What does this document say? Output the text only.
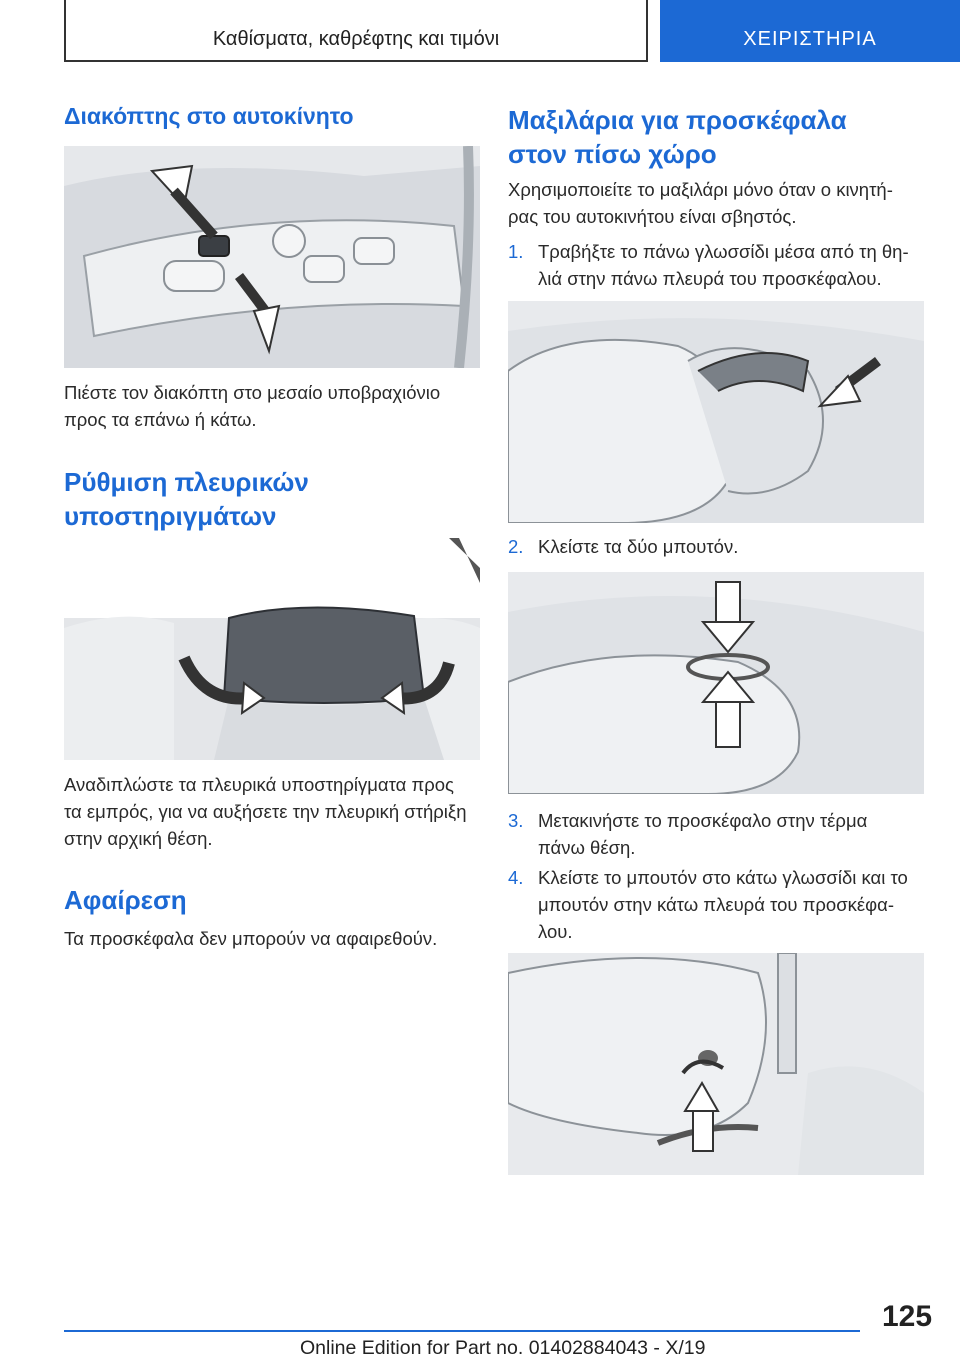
Καθίσματα, καθρέφτης και τιμόνι	ΧΕΙΡΙΣΤΗΡΙΑ
Διακόπτης στο αυτοκίνητο
Πιέστε τον διακόπτη στο μεσαίο υποβραχιόνιο
προς τα επάνω ή κάτω.
Ρύθμιση πλευρικών
υποστηριγμάτων
Αναδιπλώστε τα πλευρικά υποστηρίγματα προς
τα εμπρός, για να αυξήσετε την πλευρική στήριξη
στην αρχική θέση.
Αφαίρεση
Τα προσκέφαλα δεν μπορούν να αφαιρεθούν.
Μαξιλάρια για προσκέφαλα
στον πίσω χώρο
Χρησιμοποιείτε το μαξιλάρι μόνο όταν ο κινητή-
ρας του αυτοκινήτου είναι σβηστός.
1. Τραβήξτε το πάνω γλωσσίδι μέσα από τη θη-
λιά στην πάνω πλευρά του προσκέφαλου.
2. Κλείστε τα δύο μπουτόν.
3. Μετακινήστε το προσκέφαλο στην τέρμα
πάνω θέση.
4. Κλείστε το μπουτόν στο κάτω γλωσσίδι και το
μπουτόν στην κάτω πλευρά του προσκέφα-
λου.
125
Online Edition for Part no. 01402884043 - X/19
